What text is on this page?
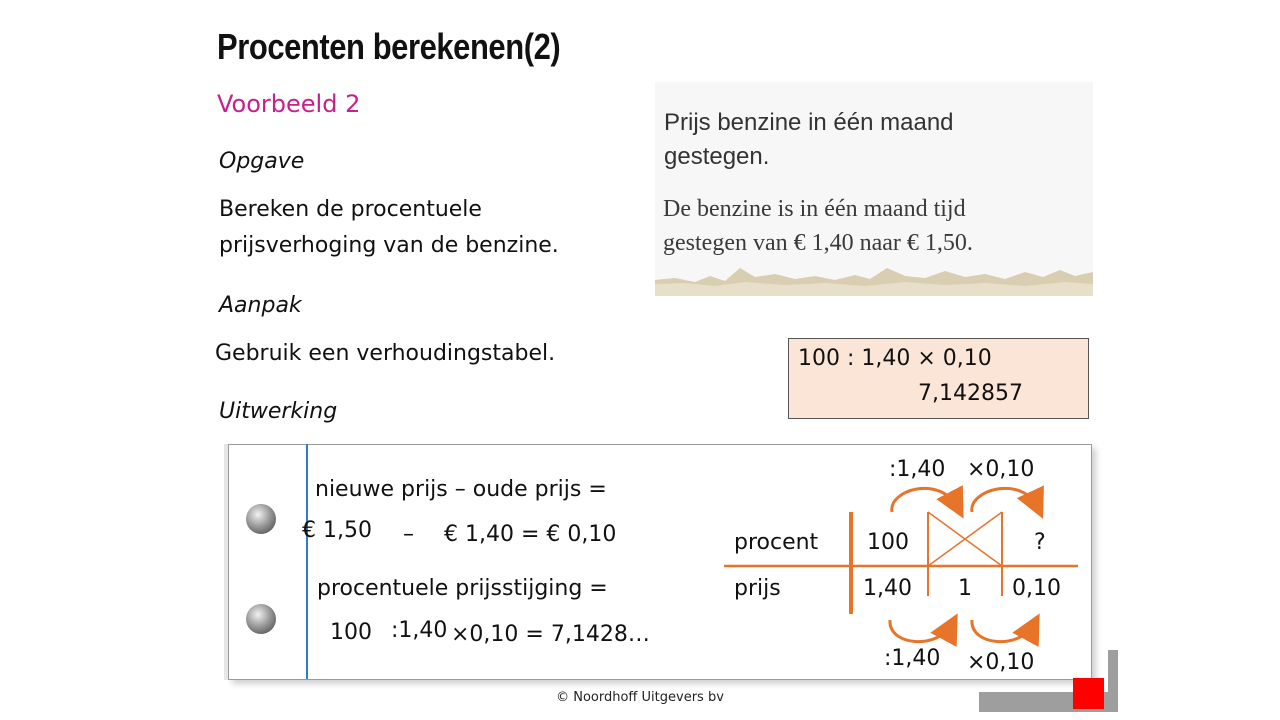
Procenten berekenen(2)
Voorbeeld 2
Opgave
Bereken de procentuele
prijsverhoging van de benzine.
Aanpak
Gebruik een verhoudingstabel.
Uitwerking
Prijs benzine in één maand
gestegen.
De benzine is in één maand tijd
gestegen van € 1,40 naar € 1,50.
100 : 1,40 × 0,10
7,142857
nieuwe prijs – oude prijs =
€ 1,50 – € 1,40 = € 0,10
procentuele prijsstijging =
100 :1,40 ×0,10 = 7,1428…
:1,40 ×0,10
procent 100	?
prijs	1,40 1 0,10
:1,40 ×0,10
© Noordhoff Uitgevers bv
